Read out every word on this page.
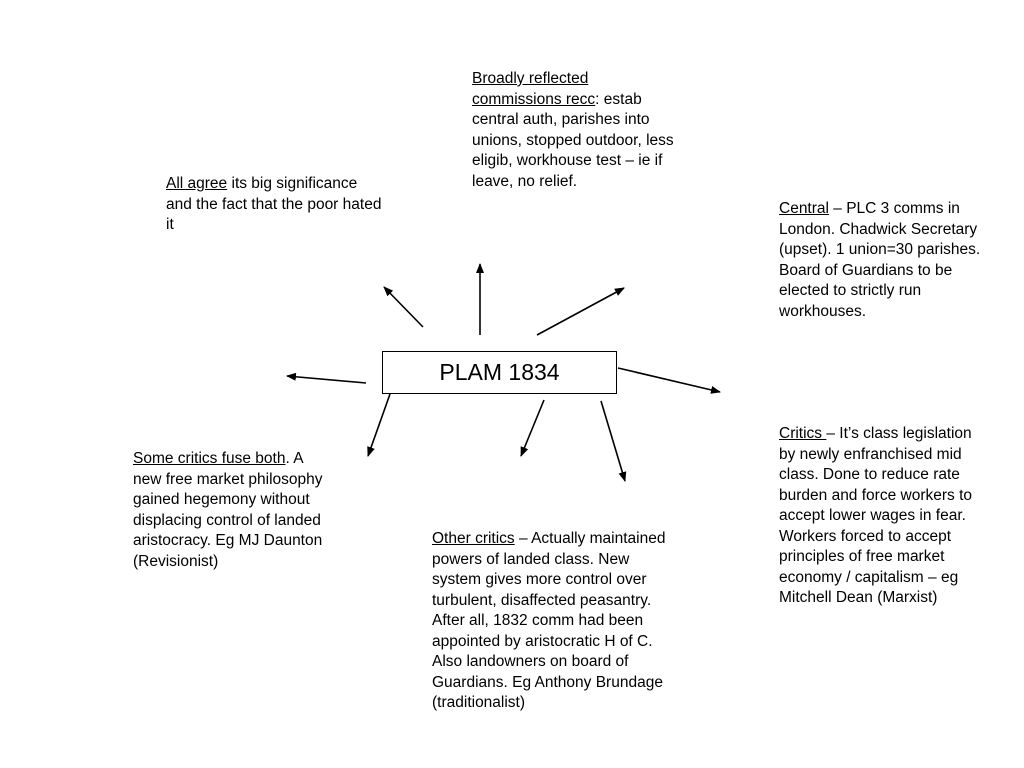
PLAM 1834

Broadly reflected commissions recc: estab central auth, parishes into unions, stopped outdoor, less eligib, workhouse test – ie if leave, no relief.

All agree its big significance and the fact that the poor hated it

Central – PLC 3 comms in London. Chadwick Secretary (upset). 1 union=30 parishes. Board of Guardians to be elected to strictly run workhouses.

Critics – It’s class legislation by newly enfranchised mid class. Done to reduce rate burden and force workers to accept lower wages in fear. Workers forced to accept principles of free market economy / capitalism – eg Mitchell Dean (Marxist)

Some critics fuse both. A new free market philosophy gained hegemony without displacing control of landed aristocracy. Eg MJ Daunton (Revisionist)

Other critics – Actually maintained powers of landed class. New system gives more control over turbulent, disaffected peasantry. After all, 1832 comm had been appointed by aristocratic H of C. Also landowners on board of Guardians. Eg Anthony Brundage (traditionalist)
